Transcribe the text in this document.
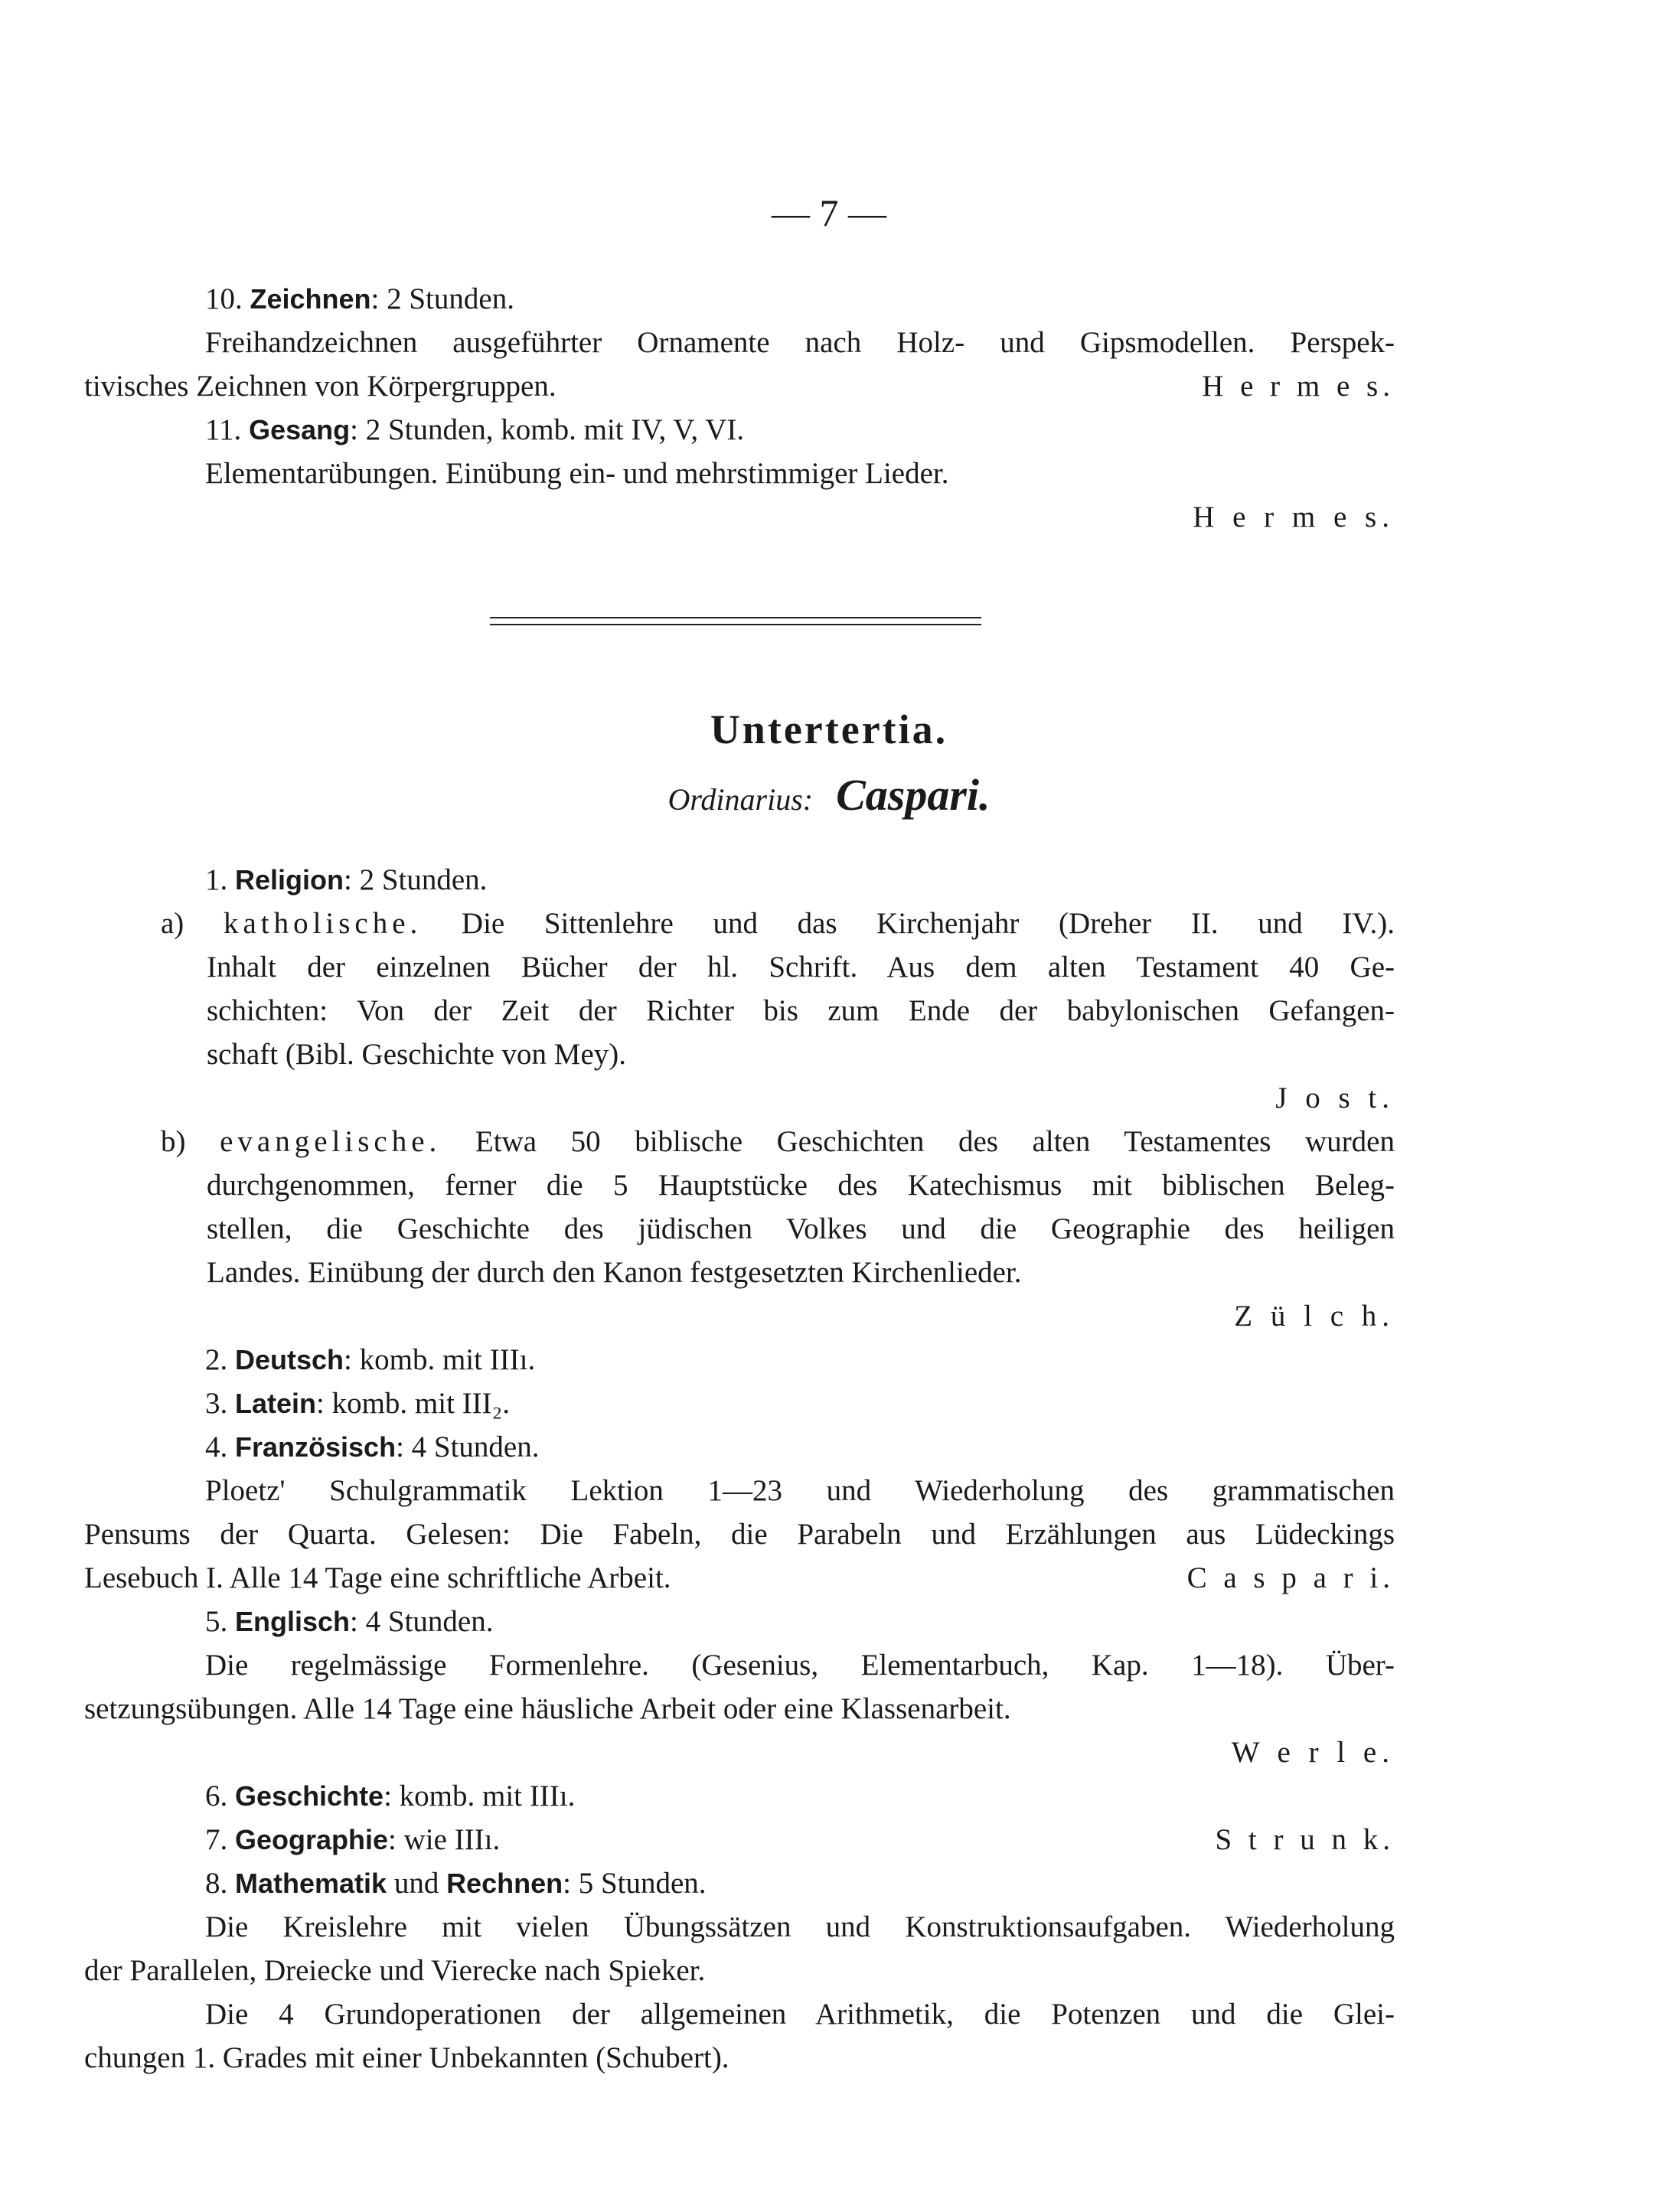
— 7 —

10. Zeichnen: 2 Stunden.

Freihandzeichnen ausgeführter Ornamente nach Holz- und Gipsmodellen. Perspek-

tivisches Zeichnen von Körpergruppen.	H e r m e s.

11. Gesang: 2 Stunden, komb. mit IV, V, VI.

Elementarübungen. Einübung ein- und mehrstimmiger Lieder.

H e r m e s.

Untertertia.
Ordinarius: Caspari.

1. Religion: 2 Stunden.

a) katholische. Die Sittenlehre und das Kirchenjahr (Dreher II. und IV.).

Inhalt der einzelnen Bücher der hl. Schrift. Aus dem alten Testament 40 Ge-

schichten: Von der Zeit der Richter bis zum Ende der babylonischen Gefangen-

schaft (Bibl. Geschichte von Mey).

J o s t.

b) evangelische. Etwa 50 biblische Geschichten des alten Testamentes wurden

durchgenommen, ferner die 5 Hauptstücke des Katechismus mit biblischen Beleg-

stellen, die Geschichte des jüdischen Volkes und die Geographie des heiligen

Landes. Einübung der durch den Kanon festgesetzten Kirchenlieder.

Z ü l c h.

2. Deutsch: komb. mit IIIı.

3. Latein: komb. mit III₂.

4. Französisch: 4 Stunden.

Ploetz' Schulgrammatik Lektion 1—23 und Wiederholung des grammatischen

Pensums der Quarta. Gelesen: Die Fabeln, die Parabeln und Erzählungen aus Lüdeckings

Lesebuch I. Alle 14 Tage eine schriftliche Arbeit.	C a s p a r i.

5. Englisch: 4 Stunden.

Die regelmässige Formenlehre. (Gesenius, Elementarbuch, Kap. 1—18). Über-

setzungsübungen. Alle 14 Tage eine häusliche Arbeit oder eine Klassenarbeit.

W e r l e.

6. Geschichte: komb. mit IIIı.

7. Geographie: wie IIIı.	S t r u n k.

8. Mathematik und Rechnen: 5 Stunden.

Die Kreislehre mit vielen Übungssätzen und Konstruktionsaufgaben. Wiederholung

der Parallelen, Dreiecke und Vierecke nach Spieker.

Die 4 Grundoperationen der allgemeinen Arithmetik, die Potenzen und die Glei-

chungen 1. Grades mit einer Unbekannten (Schubert).
